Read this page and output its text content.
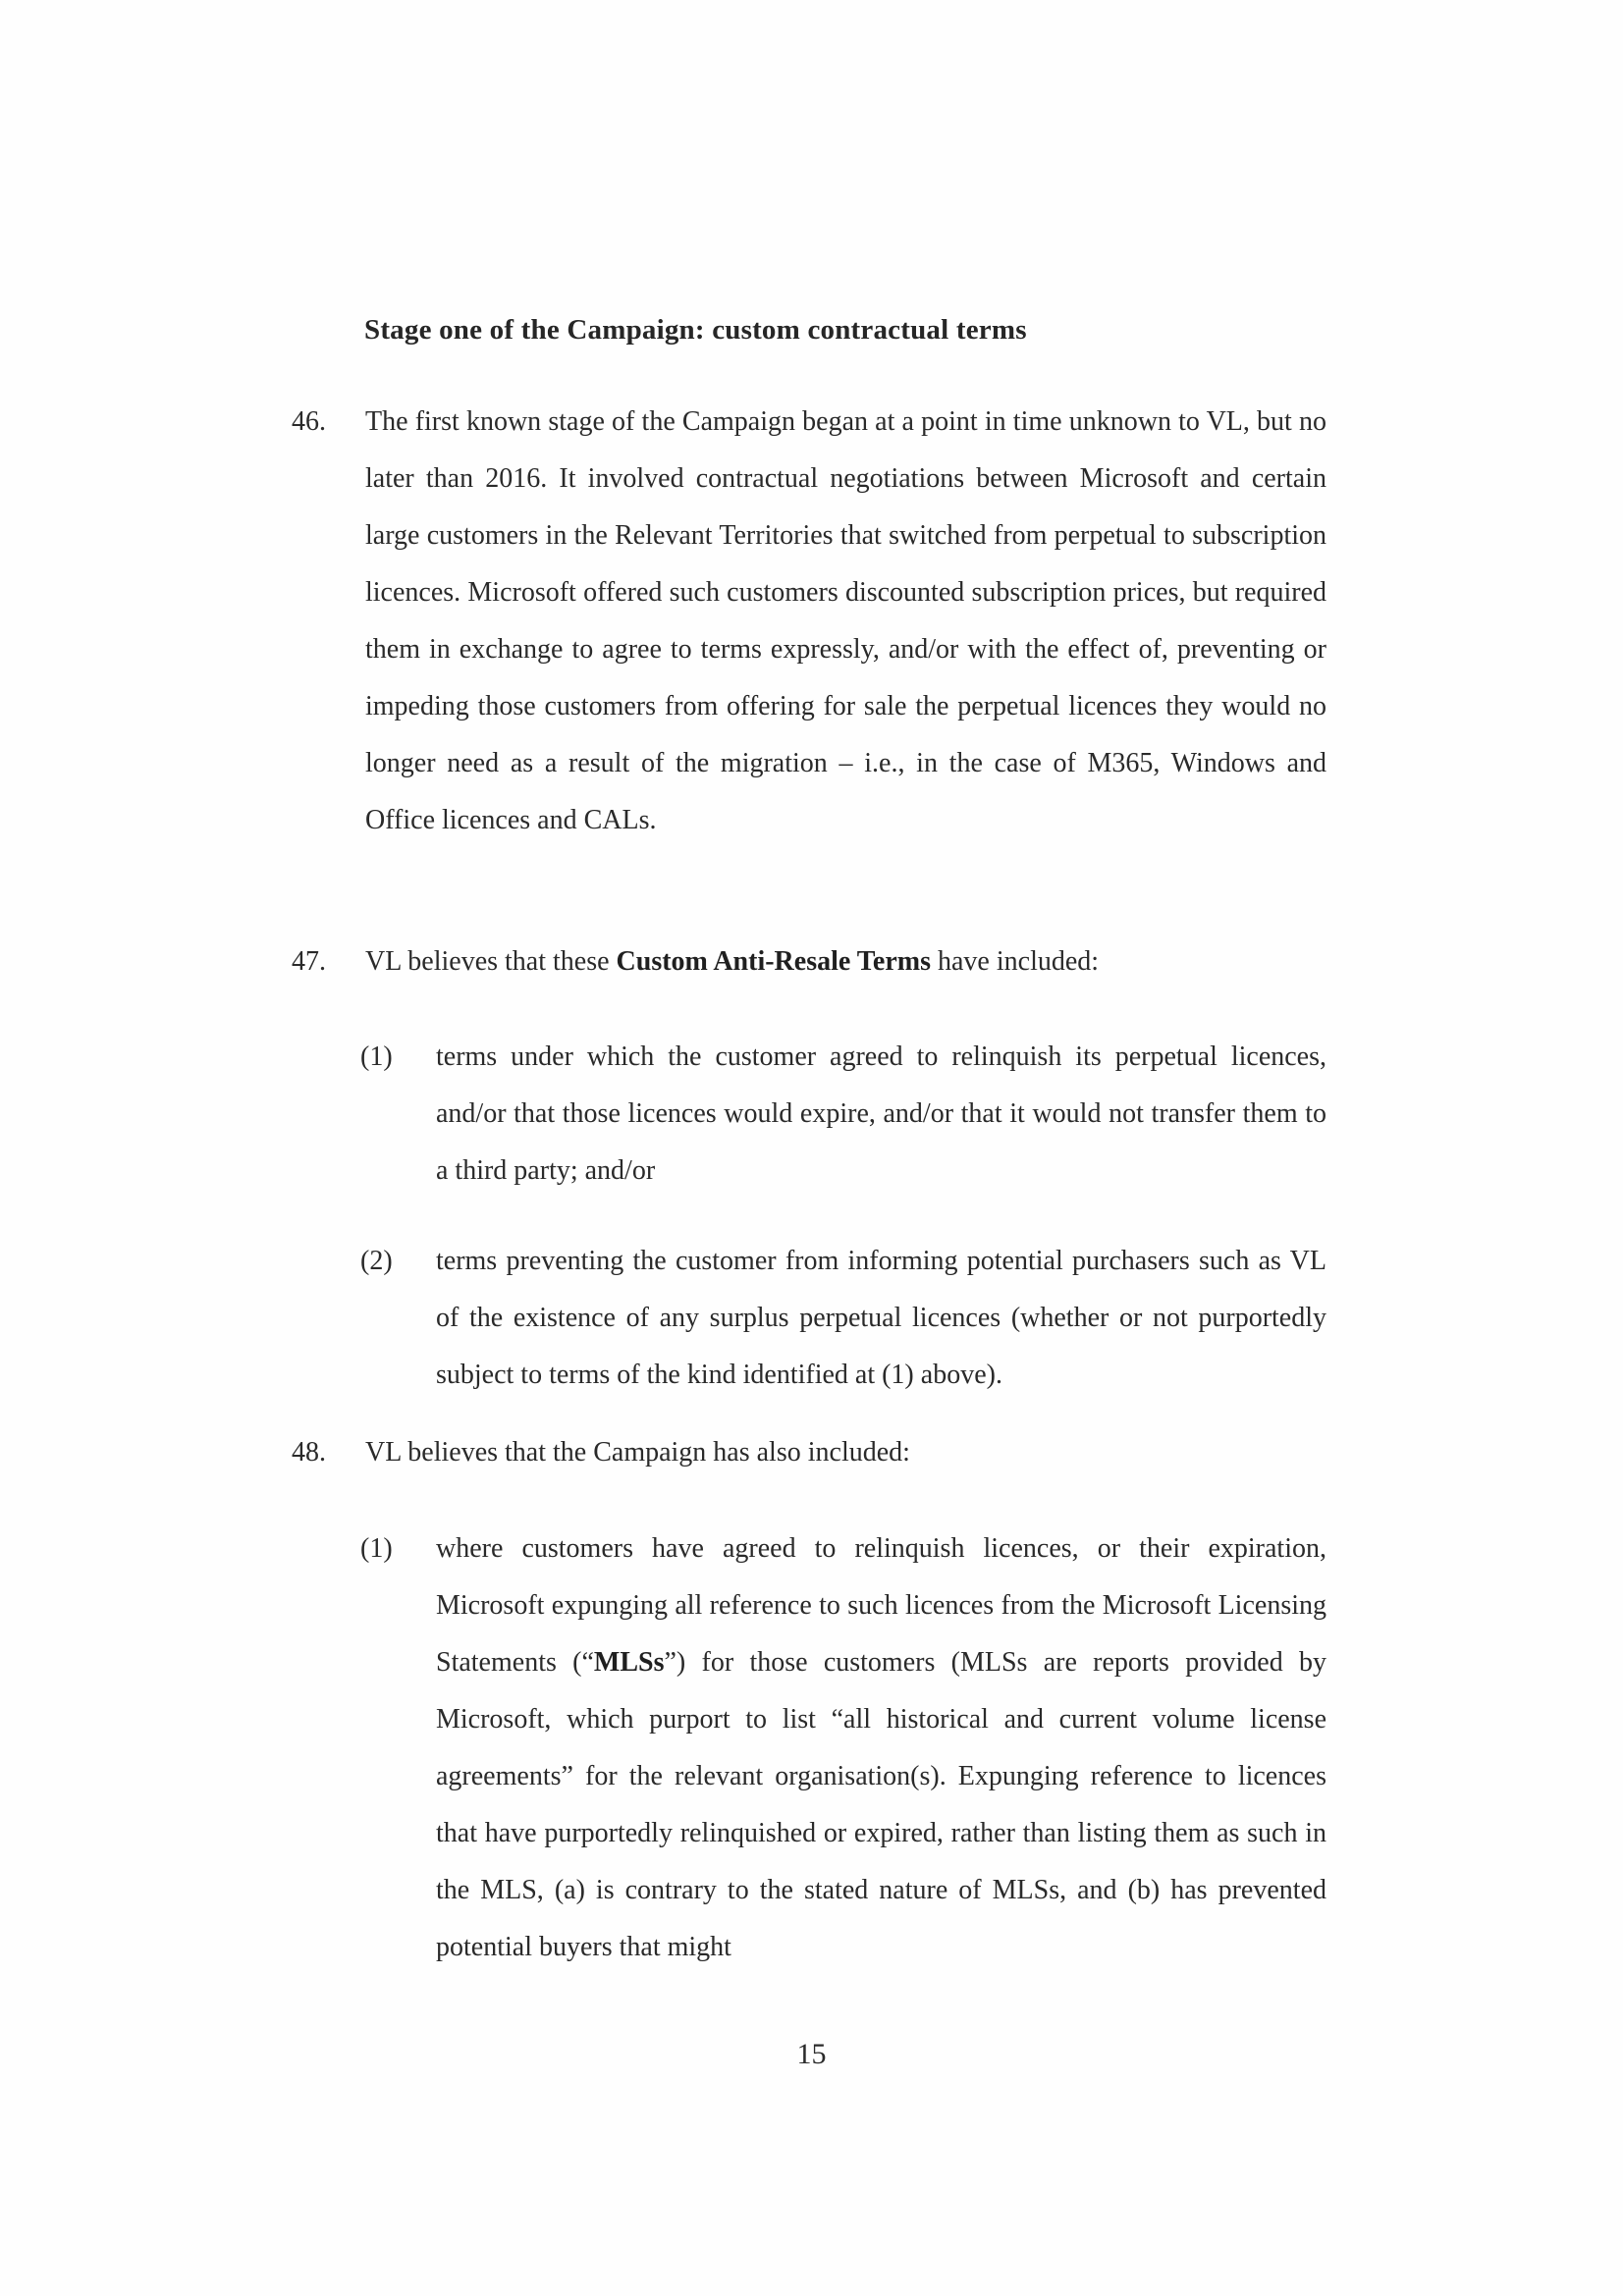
Stage one of the Campaign: custom contractual terms
46. The first known stage of the Campaign began at a point in time unknown to VL, but no later than 2016. It involved contractual negotiations between Microsoft and certain large customers in the Relevant Territories that switched from perpetual to subscription licences. Microsoft offered such customers discounted subscription prices, but required them in exchange to agree to terms expressly, and/or with the effect of, preventing or impeding those customers from offering for sale the perpetual licences they would no longer need as a result of the migration – i.e., in the case of M365, Windows and Office licences and CALs.
47. VL believes that these Custom Anti-Resale Terms have included:
(1) terms under which the customer agreed to relinquish its perpetual licences, and/or that those licences would expire, and/or that it would not transfer them to a third party; and/or
(2) terms preventing the customer from informing potential purchasers such as VL of the existence of any surplus perpetual licences (whether or not purportedly subject to terms of the kind identified at (1) above).
48. VL believes that the Campaign has also included:
(1) where customers have agreed to relinquish licences, or their expiration, Microsoft expunging all reference to such licences from the Microsoft Licensing Statements (“MLSs”) for those customers (MLSs are reports provided by Microsoft, which purport to list “all historical and current volume license agreements” for the relevant organisation(s). Expunging reference to licences that have purportedly relinquished or expired, rather than listing them as such in the MLS, (a) is contrary to the stated nature of MLSs, and (b) has prevented potential buyers that might
15
